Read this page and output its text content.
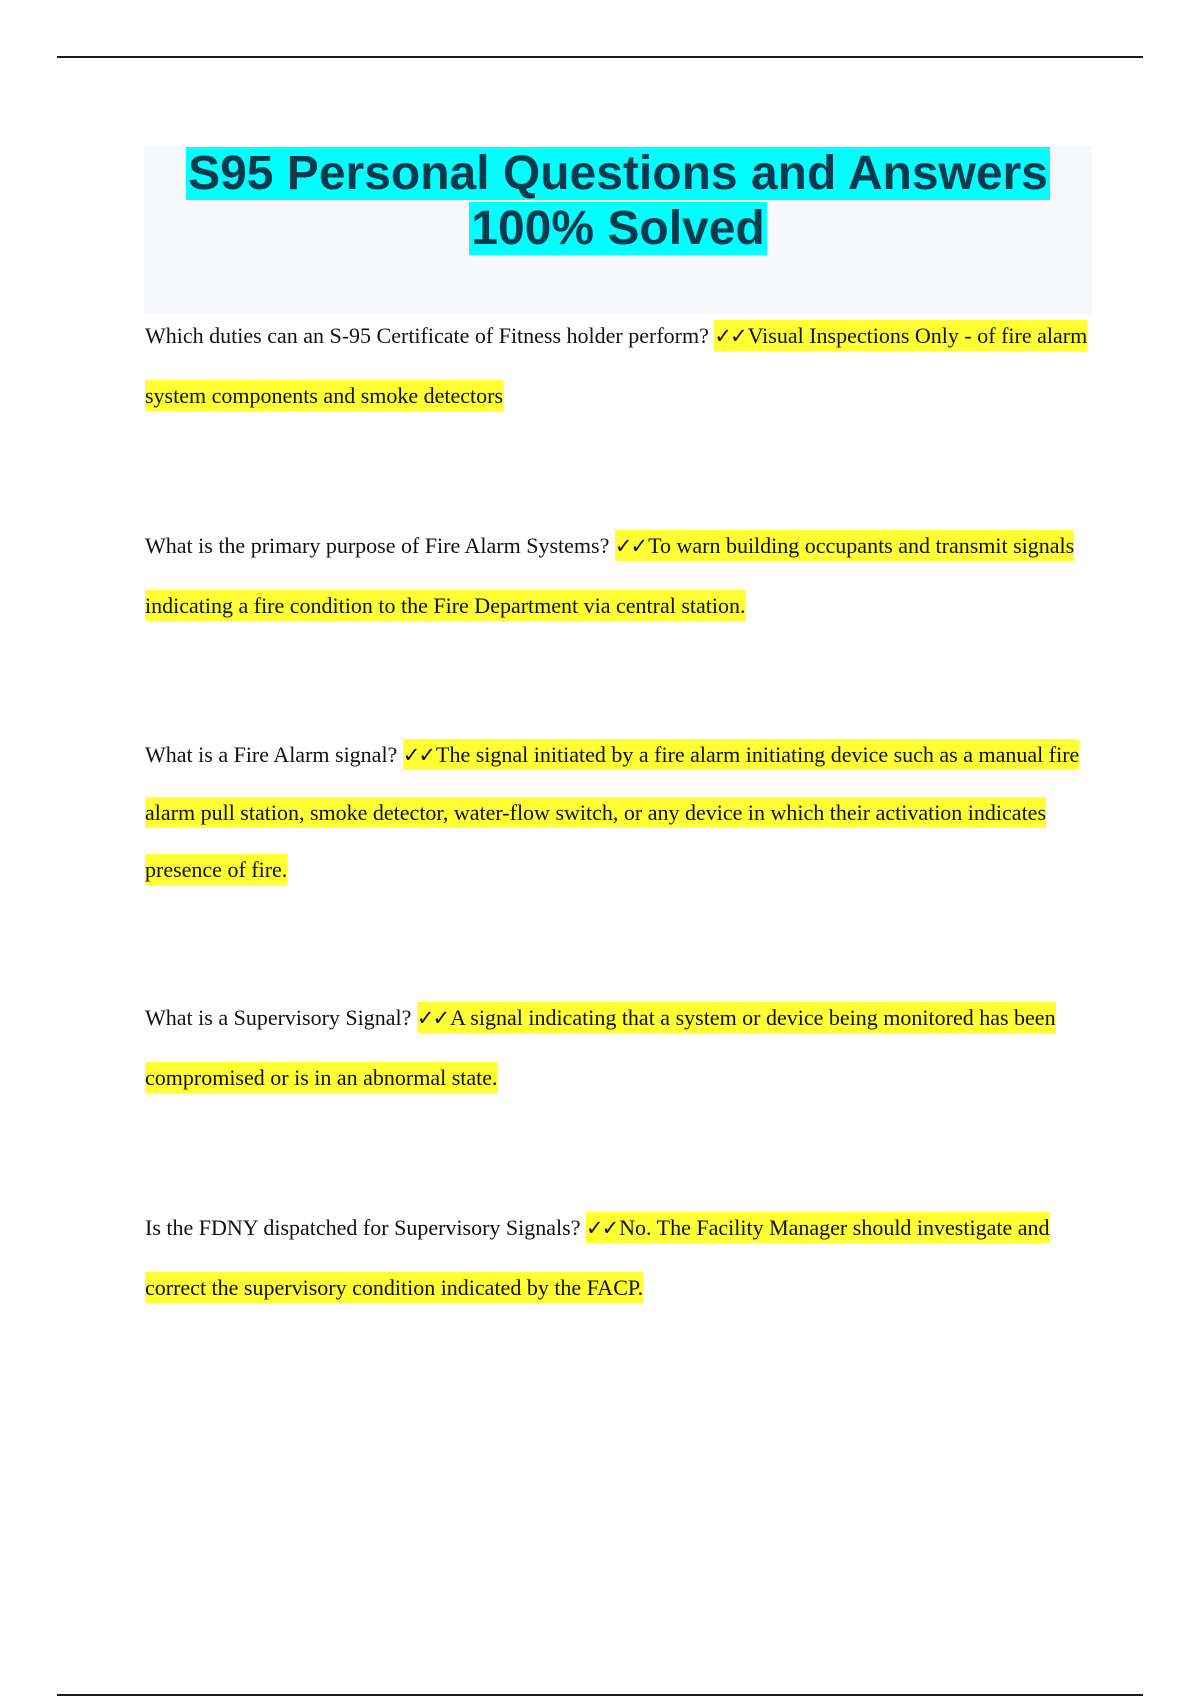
S95 Personal Questions and Answers 100% Solved

Which duties can an S-95 Certificate of Fitness holder perform? ✓✓Visual Inspections Only - of fire alarm system components and smoke detectors

What is the primary purpose of Fire Alarm Systems? ✓✓To warn building occupants and transmit signals indicating a fire condition to the Fire Department via central station.

What is a Fire Alarm signal? ✓✓The signal initiated by a fire alarm initiating device such as a manual fire alarm pull station, smoke detector, water-flow switch, or any device in which their activation indicates presence of fire.

What is a Supervisory Signal? ✓✓A signal indicating that a system or device being monitored has been compromised or is in an abnormal state.

Is the FDNY dispatched for Supervisory Signals? ✓✓No. The Facility Manager should investigate and correct the supervisory condition indicated by the FACP.
